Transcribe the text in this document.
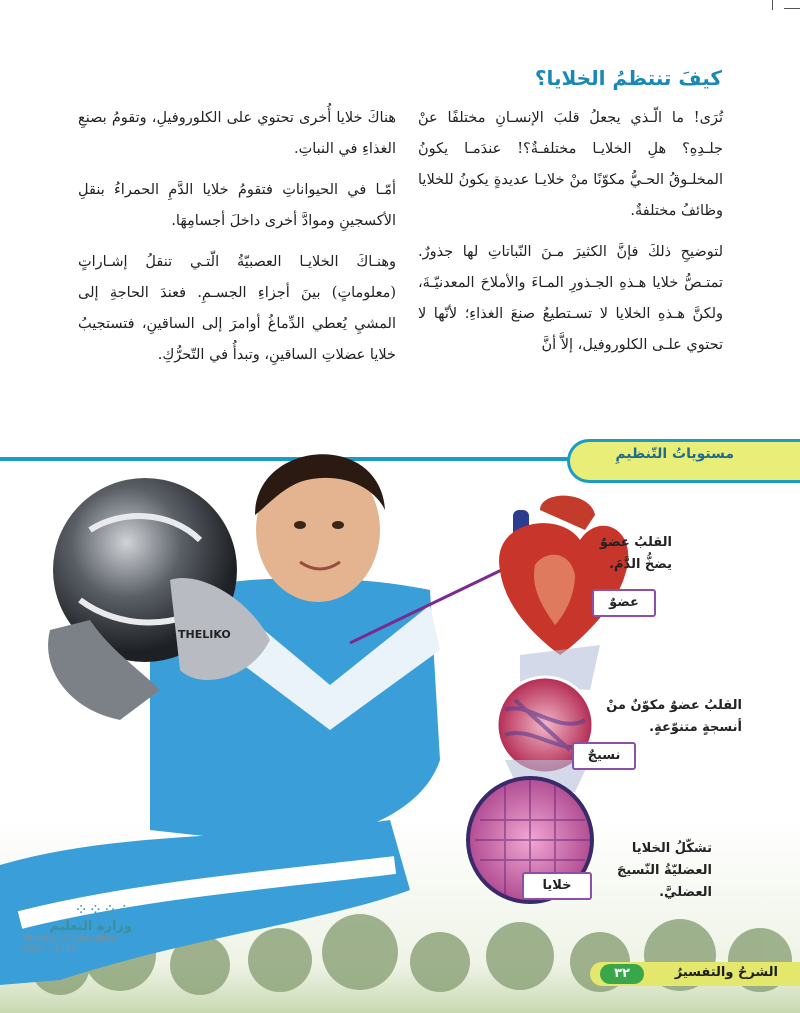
كيفَ تنتظمُ الخلايا؟

تُرَى! ما الّـذي يجعلُ قلبَ الإنسـانِ مختلفًا عنْ جلـدِهِ؟ هلِ الخلايـا مختلفـةٌ؟! عندَمـا يكونُ المخلـوقُ الحـيُّ مكوّنًا منْ خلايـا عديدةٍ يكونُ للخلايا وظائفُ مختلفةٌ.

لتوضيحِ ذلكَ فإنَّ الكثيرَ مـنَ النّباتاتِ لها جذورٌ. تمتـصُّ خلايا هـذهِ الجـذورِ المـاءَ والأملاحَ المعدنيّـةَ، ولكنَّ هـذهِ الخلايا لا تسـتطيعُ صنعَ الغذاءِ؛ لأنّها لا تحتوي علـى الكلوروفيل، إلاَّ أنَّ

هناكَ خلايا أُخرى تحتوي على الكلوروفيلِ، وتقومُ بصنعِ الغذاءِ في النباتِ.

أمّـا في الحيواناتِ فتقومُ خلايا الدَّمِ الحمراءُ بنقلِ الأكسجينِ وموادَّ أخرى داخلَ أجسامِهَا.

وهنـاكَ الخلايـا العصبيّةُ الّتـي تنقلُ إشـاراتٍ (معلوماتٍ) بينَ أجزاءِ الجسـمِ. فعندَ الحاجةِ إلى المشيِ يُعطي الدِّماغُ أوامرَ إلى الساقينِ، فتستجيبُ خلايا عضلاتِ الساقينِ، وتبدأُ في التّحرُّكِ.

مستوياتُ التّنظيمِ
THELIKO
القلبُ عضوٌ
يضخُّ الدَّمَ.
عضوٌ
القلبُ عضوٌ مكوّنٌ منْ
أنسجةٍ متنوّعةٍ.
نسيجٌ
تشكّلُ الخلايا
العضليّةُ النّسيجَ
العضليَّ.
خلايا
⁘⁘⁘⁘
وزارة التعليم
Ministry of Education
2024 - 1446
٣٢	الشرحُ والتفسيرُ
